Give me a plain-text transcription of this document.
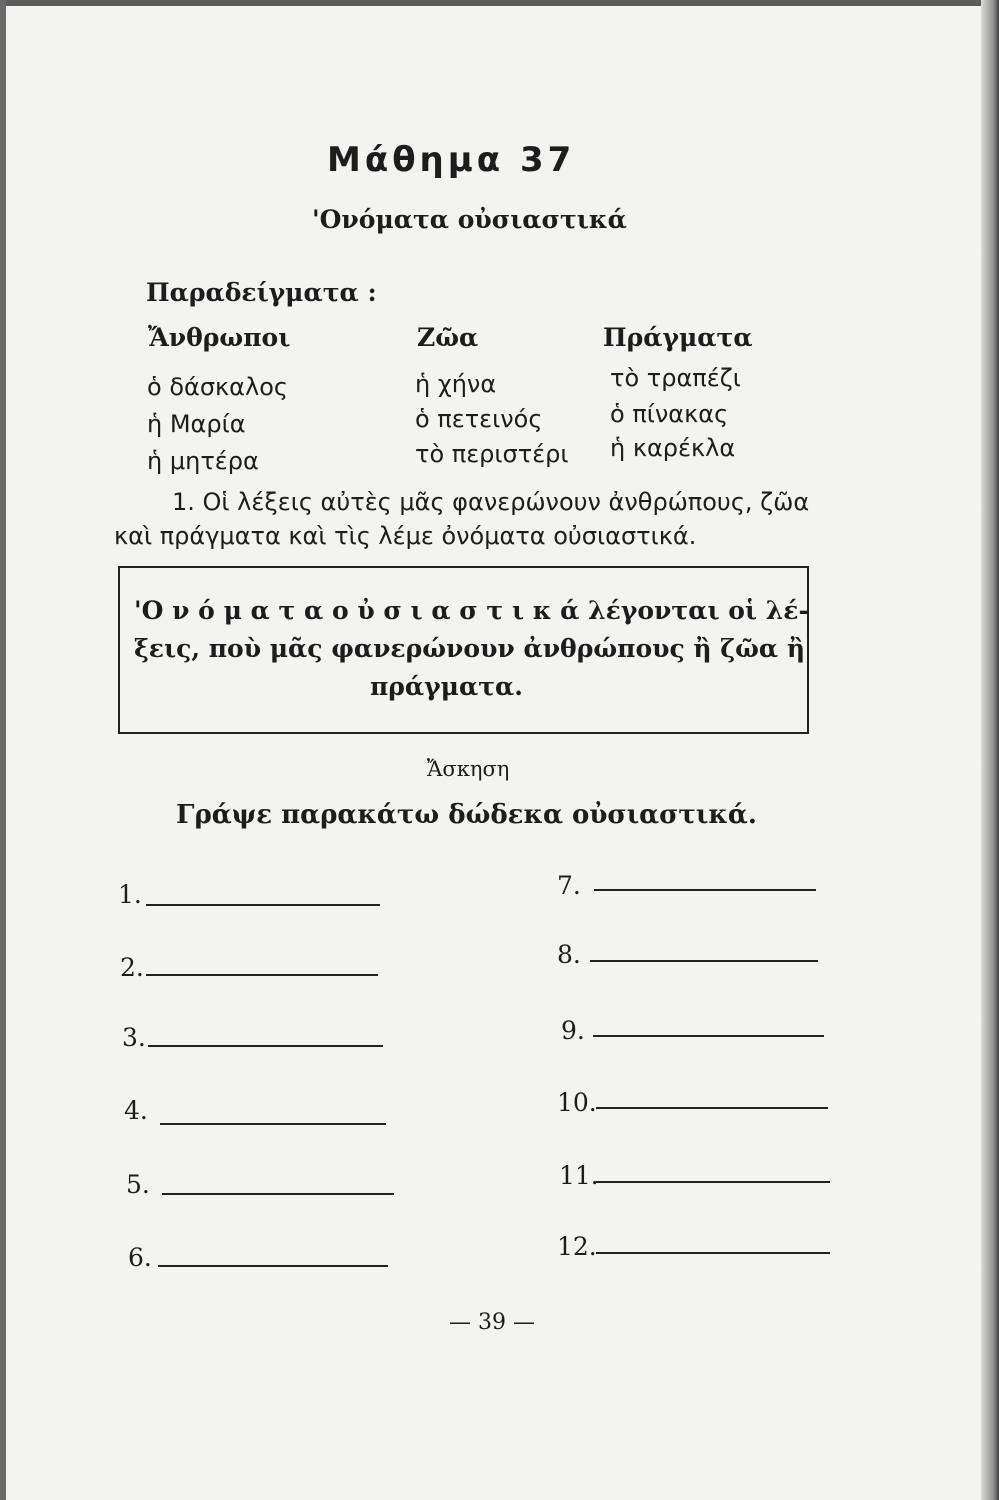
Μάθημα 37
'Ονόματα οὐσιαστικά
Παραδείγματα :
Ἄνθρωποι	Ζῶα	Πράγματα
ὁ δάσκαλος
ἡ Μαρία
ἡ μητέρα
ἡ χήνα
ὁ πετεινός
τὸ περιστέρι
τὸ τραπέζι
ὁ πίνακας
ἡ καρέκλα
1. Οἱ λέξεις αὐτὲς μᾶς φανερώνουν ἀνθρώπους, ζῶα
καὶ πράγματα καὶ τὶς λέμε ὀνόματα οὐσιαστικά.
'Ο ν ό μ α τ α ο ὐ σ ι α σ τ ι κ ά λέγονται οἱ λέ-
ξεις, ποὺ μᾶς φανερώνουν ἀνθρώπους ἢ ζῶα ἢ
πράγματα.
Ἄσκηση
Γράψε παρακάτω δώδεκα οὐσιαστικά.
1.
2.
3.
4.
5.
6.
7.
8.
9.
10.
11.
12.
— 39 —
